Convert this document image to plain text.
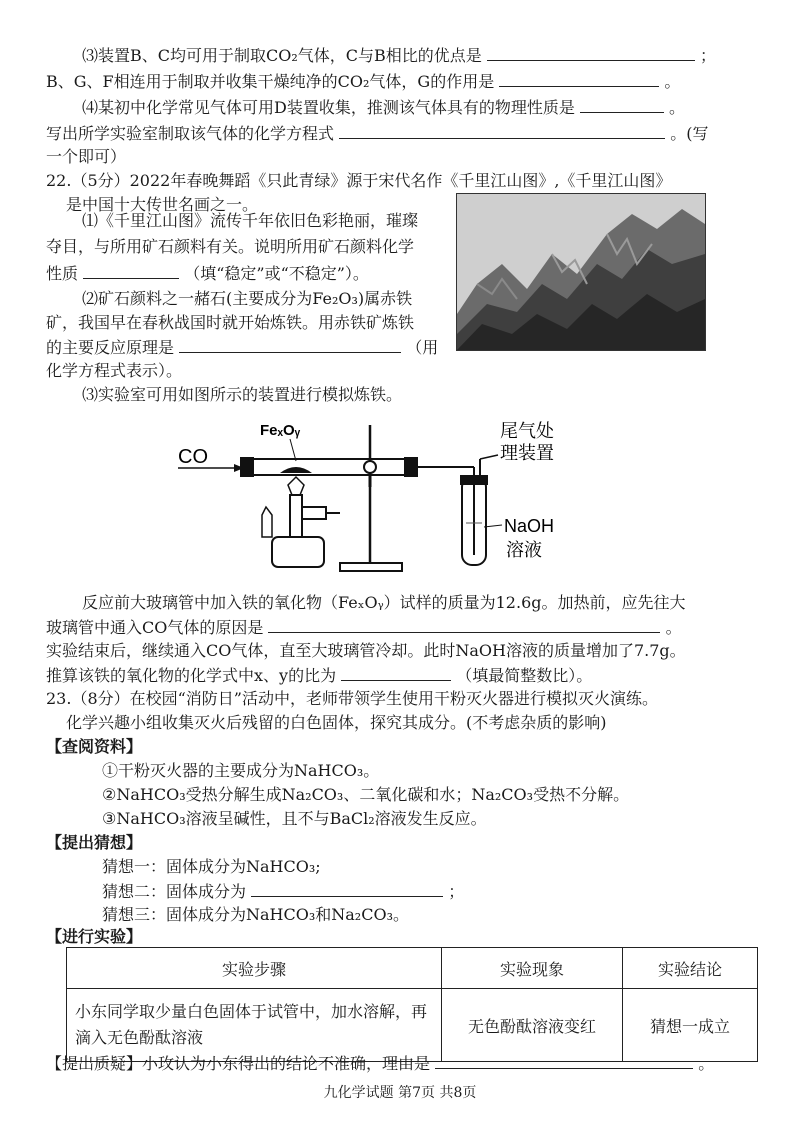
⑶装置B、C均可用于制取CO₂气体，C与B相比的优点是	；
B、G、F相连用于制取并收集干燥纯净的CO₂气体，G的作用是	。
⑷某初中化学常见气体可用D装置收集，推测该气体具有的物理性质是	。
写出所学实验室制取该气体的化学方程式	。(写
一个即可）
22.（5分）2022年春晚舞蹈《只此青绿》源于宋代名作《千里江山图》,《千里江山图》
是中国十大传世名画之一。
⑴《千里江山图》流传千年依旧色彩艳丽，璀璨
夺目，与所用矿石颜料有关。说明所用矿石颜料化学
性质	（填“稳定”或“不稳定”）。
⑵矿石颜料之一赭石(主要成分为Fe₂O₃)属赤铁
矿，我国早在春秋战国时就开始炼铁。用赤铁矿炼铁
的主要反应原理是	（用
化学方程式表示）。
⑶实验室可用如图所示的装置进行模拟炼铁。
CO
FeₓOᵧ	尾气处
理装置
NaOH
溶液
反应前大玻璃管中加入铁的氧化物（FeₓOᵧ）试样的质量为12.6g。加热前，应先往大
玻璃管中通入CO气体的原因是	。
实验结束后，继续通入CO气体，直至大玻璃管冷却。此时NaOH溶液的质量增加了7.7g。
推算该铁的氧化物的化学式中x、y的比为	（填最简整数比）。
23.（8分）在校园“消防日”活动中，老师带领学生使用干粉灭火器进行模拟灭火演练。
化学兴趣小组收集灭火后残留的白色固体，探究其成分。(不考虑杂质的影响)
【查阅资料】
①干粉灭火器的主要成分为NaHCO₃。
②NaHCO₃受热分解生成Na₂CO₃、二氧化碳和水；Na₂CO₃受热不分解。
③NaHCO₃溶液呈碱性，且不与BaCl₂溶液发生反应。
【提出猜想】
猜想一：固体成分为NaHCO₃;
猜想二：固体成分为	；
猜想三：固体成分为NaHCO₃和Na₂CO₃。
【进行实验】
实验步骤	实验现象	实验结论
小东同学取少量白色固体于试管中，加水溶解，再滴入无色酚酞溶液	无色酚酞溶液变红	猜想一成立
【提出质疑】小玫认为小东得出的结论不准确，理由是	。
九化学试题 第7页 共8页
